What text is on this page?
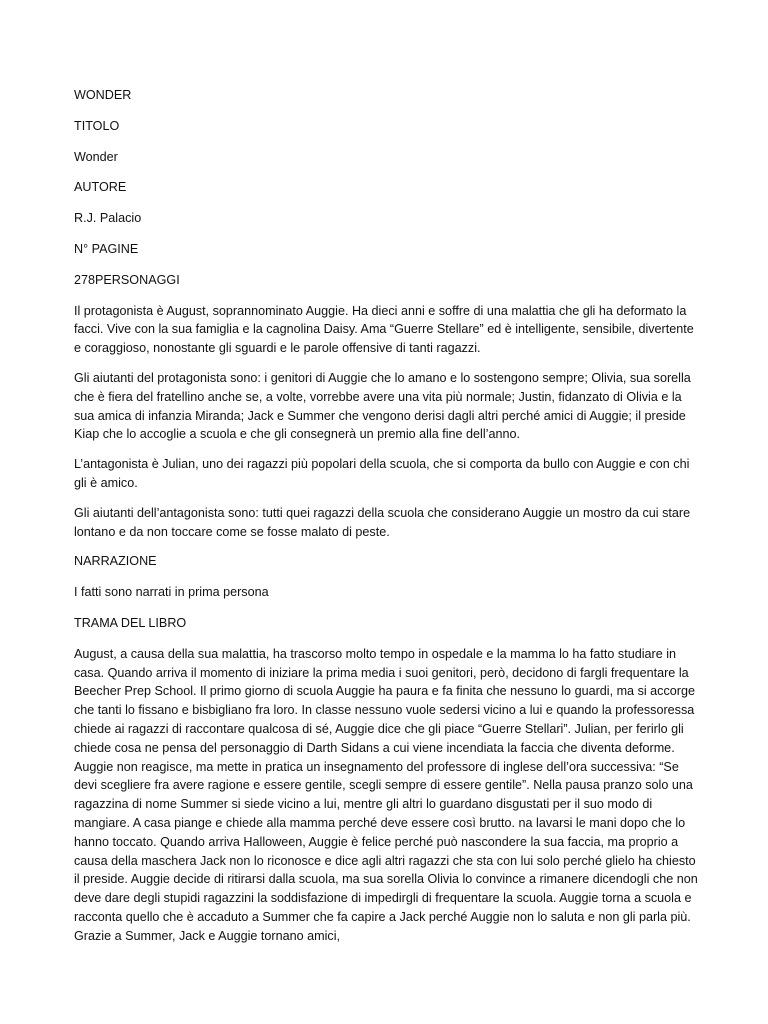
WONDER
TITOLO
Wonder
AUTORE
R.J. Palacio
N° PAGINE
278PERSONAGGI

Il protagonista è August, soprannominato Auggie. Ha dieci anni e soffre di una malattia che gli ha deformato la facci. Vive con la sua famiglia e la cagnolina Daisy. Ama “Guerre Stellare” ed è intelligente, sensibile, divertente e coraggioso, nonostante gli sguardi e le parole offensive di tanti ragazzi.

Gli aiutanti del protagonista sono: i genitori di Auggie che lo amano e lo sostengono sempre; Olivia, sua sorella che è fiera del fratellino anche se, a volte, vorrebbe avere una vita più normale; Justin, fidanzato di Olivia e la sua amica di infanzia Miranda; Jack e Summer che vengono derisi dagli altri perché amici di Auggie; il preside Kiap che lo accoglie a scuola e che gli consegnerà un premio alla fine dell’anno.

L’antagonista è Julian, uno dei ragazzi più popolari della scuola, che si comporta da bullo con Auggie e con chi gli è amico.

Gli aiutanti dell’antagonista sono: tutti quei ragazzi della scuola che considerano Auggie un mostro da cui stare lontano e da non toccare come se fosse malato di peste.

NARRAZIONE
I fatti sono narrati in prima persona
TRAMA DEL LIBRO

August, a causa della sua malattia, ha trascorso molto tempo in ospedale e la mamma lo ha fatto studiare in casa. Quando arriva il momento di iniziare la prima media i suoi genitori, però, decidono di fargli frequentare la Beecher Prep School. Il primo giorno di scuola Auggie ha paura e fa finita che nessuno lo guardi, ma si accorge che tanti lo fissano e bisbigliano fra loro. In classe nessuno vuole sedersi vicino a lui e quando la professoressa chiede ai ragazzi di raccontare qualcosa di sé, Auggie dice che gli piace “Guerre Stellari”. Julian, per ferirlo gli chiede cosa ne pensa del personaggio di Darth Sidans a cui viene incendiata la faccia che diventa deforme. Auggie non reagisce, ma mette in pratica un insegnamento del professore di inglese dell’ora successiva: “Se devi scegliere fra avere ragione e essere gentile, scegli sempre di essere gentile”. Nella pausa pranzo solo una ragazzina di nome Summer si siede vicino a lui, mentre gli altri lo guardano disgustati per il suo modo di mangiare. A casa piange e chiede alla mamma perché deve essere così brutto. na lavarsi le mani dopo che lo hanno toccato. Quando arriva Halloween, Auggie è felice perché può nascondere la sua faccia, ma proprio a causa della maschera Jack non lo riconosce e dice agli altri ragazzi che sta con lui solo perché glielo ha chiesto il preside. Auggie decide di ritirarsi dalla scuola, ma sua sorella Olivia lo convince a rimanere dicendogli che non deve dare degli stupidi ragazzini la soddisfazione di impedirgli di frequentare la scuola. Auggie torna a scuola e racconta quello che è accaduto a Summer che fa capire a Jack perché Auggie non lo saluta e non gli parla più. Grazie a Summer, Jack e Auggie tornano amici,
